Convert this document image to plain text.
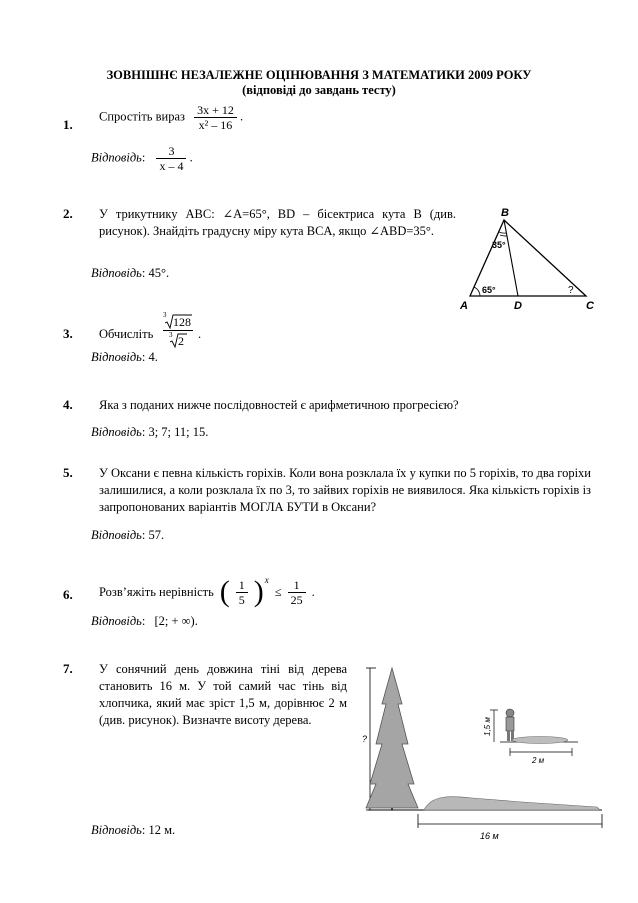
ЗОВНІШНЄ НЕЗАЛЕЖНЕ ОЦІНЮВАННЯ З МАТЕМАТИКИ 2009 РОКУ
(відповіді до завдань тесту)
1.
Спростіть вираз $\frac{3x + 12}{\text{x² – 16}}$ .
Відповідь: $\frac{3}{x - 4}$ .
2. У трикутнику ABC: ∠A=65°, BD – бісектриса кута B (див. рисунок). Знайдіть градусну міру кута BCA, якщо ∠ABD=35°.
Відповідь: 45°.
B
A	D	C
65°
35°
?
3. Обчисліть
3 128
3 2 .
Відповідь: 4.
4. Яка з поданих нижче послідовностей є арифметичною прогресією?
Відповідь: 3; 7; 11; 15.
5. У Оксани є певна кількість горіхів. Коли вона розклала їх у купки по 5 горіхів, то два горіхи залишилися, а коли розклала їх по 3, то зайвих горіхів не виявилося. Яка кількість горіхів із запропонованих варіантів МОГЛА БУТИ в Оксани?
Відповідь: 57.
6. Розв’яжіть нерівність ( $\frac{1}{5}$ ) x
≤ $\frac{1}{25}$ .
Відповідь: [2; + ∞).
7. У сонячний день довжина тіні від дерева становить 16 м. У той самий час тінь від хлопчика, який має зріст 1,5 м, дорівнює 2 м (див. рисунок). Визначте висоту дерева.
Відповідь: 12 м.
?
16 м
1,5 м
2 м
